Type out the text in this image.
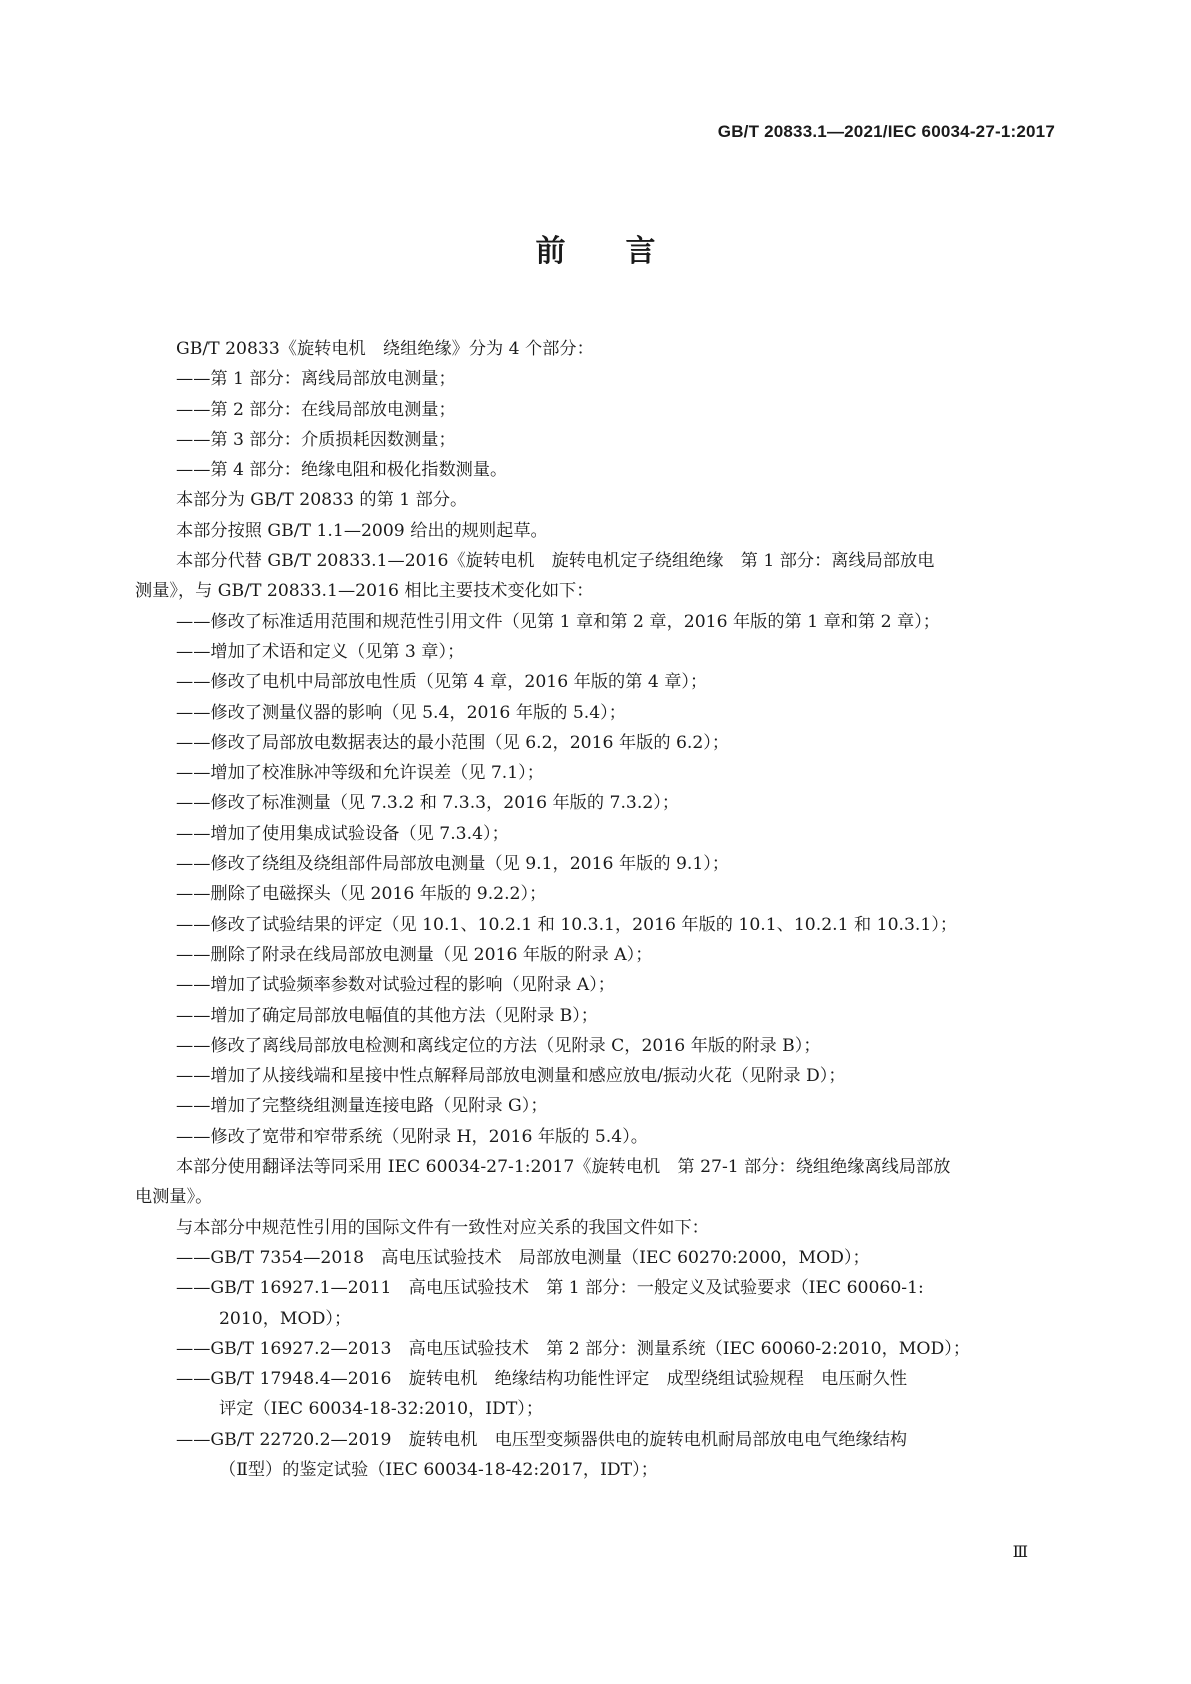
GB/T 20833.1—2021/IEC 60034-27-1:2017
前　　言
GB/T 20833《旋转电机　绕组绝缘》分为 4 个部分：
——第 1 部分：离线局部放电测量；
——第 2 部分：在线局部放电测量；
——第 3 部分：介质损耗因数测量；
——第 4 部分：绝缘电阻和极化指数测量。
本部分为 GB/T 20833 的第 1 部分。
本部分按照 GB/T 1.1—2009 给出的规则起草。
本部分代替 GB/T 20833.1—2016《旋转电机　旋转电机定子绕组绝缘　第 1 部分：离线局部放电
测量》，与 GB/T 20833.1—2016 相比主要技术变化如下：
——修改了标准适用范围和规范性引用文件（见第 1 章和第 2 章，2016 年版的第 1 章和第 2 章）；
——增加了术语和定义（见第 3 章）；
——修改了电机中局部放电性质（见第 4 章，2016 年版的第 4 章）；
——修改了测量仪器的影响（见 5.4，2016 年版的 5.4）；
——修改了局部放电数据表达的最小范围（见 6.2，2016 年版的 6.2）；
——增加了校准脉冲等级和允许误差（见 7.1）；
——修改了标准测量（见 7.3.2 和 7.3.3，2016 年版的 7.3.2）；
——增加了使用集成试验设备（见 7.3.4）；
——修改了绕组及绕组部件局部放电测量（见 9.1，2016 年版的 9.1）；
——删除了电磁探头（见 2016 年版的 9.2.2）；
——修改了试验结果的评定（见 10.1、10.2.1 和 10.3.1，2016 年版的 10.1、10.2.1 和 10.3.1）；
——删除了附录在线局部放电测量（见 2016 年版的附录 A）；
——增加了试验频率参数对试验过程的影响（见附录 A）；
——增加了确定局部放电幅值的其他方法（见附录 B）；
——修改了离线局部放电检测和离线定位的方法（见附录 C，2016 年版的附录 B）；
——增加了从接线端和星接中性点解释局部放电测量和感应放电/振动火花（见附录 D）；
——增加了完整绕组测量连接电路（见附录 G）；
——修改了宽带和窄带系统（见附录 H，2016 年版的 5.4）。
本部分使用翻译法等同采用 IEC 60034-27-1:2017《旋转电机　第 27-1 部分：绕组绝缘离线局部放
电测量》。
与本部分中规范性引用的国际文件有一致性对应关系的我国文件如下：
——GB/T 7354—2018　高电压试验技术　局部放电测量（IEC 60270:2000，MOD）；
——GB/T 16927.1—2011　高电压试验技术　第 1 部分：一般定义及试验要求（IEC 60060-1:
2010，MOD）；
——GB/T 16927.2—2013　高电压试验技术　第 2 部分：测量系统（IEC 60060-2:2010，MOD）；
——GB/T 17948.4—2016　旋转电机　绝缘结构功能性评定　成型绕组试验规程　电压耐久性
评定（IEC 60034-18-32:2010，IDT）；
——GB/T 22720.2—2019　旋转电机　电压型变频器供电的旋转电机耐局部放电电气绝缘结构
（Ⅱ型）的鉴定试验（IEC 60034-18-42:2017，IDT）；
Ⅲ
